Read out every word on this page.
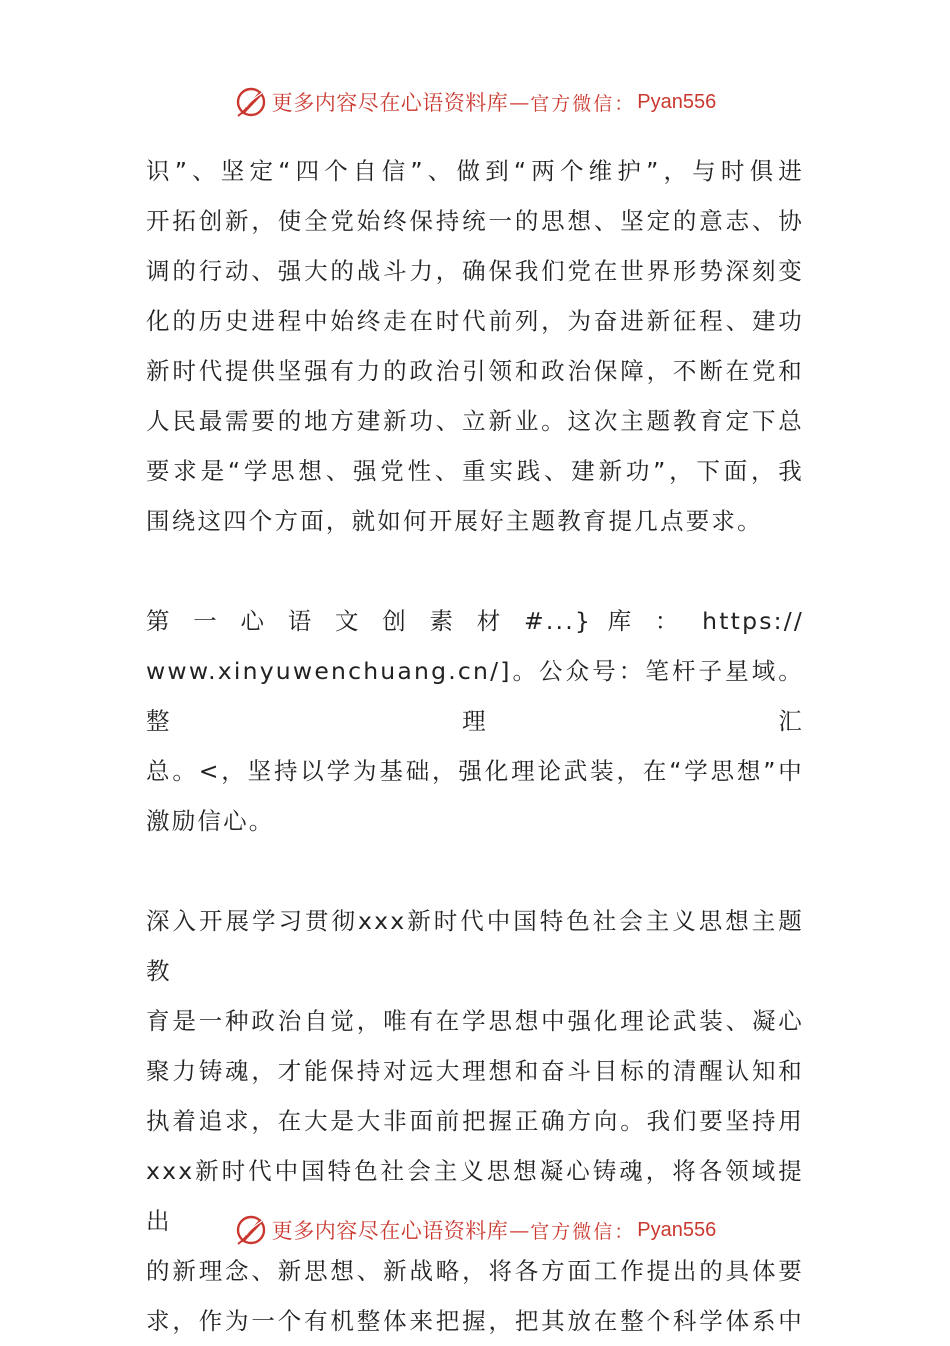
更多内容尽在心语资料库 — 官方微信： Pyan556

识”、坚定“四个自信”、做到“两个维护”，与时俱进

开拓创新，使全党始终保持统一的思想、坚定的意志、协

调的行动、强大的战斗力，确保我们党在世界形势深刻变

化的历史进程中始终走在时代前列，为奋进新征程、建功

新时代提供坚强有力的政治引领和政治保障，不断在党和

人民最需要的地方建新功、立新业。这次主题教育定下总

要求是“学思想、强党性、重实践、建新功”，下面，我

围绕这四个方面，就如何开展好主题教育提几点要求。

第 一 心 语 文 创 素 材 #...} 库 ： https://

www.xinyuwenchuang.cn/]。公众号：笔杆子星域。整理汇

总。<，坚持以学为基础，强化理论武装，在“学思想”中

激励信心。

深入开展学习贯彻xxx新时代中国特色社会主义思想主题教

育是一种政治自觉，唯有在学思想中强化理论武装、凝心

聚力铸魂，才能保持对远大理想和奋斗目标的清醒认知和

执着追求，在大是大非面前把握正确方向。我们要坚持用

xxx新时代中国特色社会主义思想凝心铸魂，将各领域提出

的新理念、新思想、新战略，将各方面工作提出的具体要

求，作为一个有机整体来把握，把其放在整个科学体系中

更多内容尽在心语资料库 — 官方微信： Pyan556
